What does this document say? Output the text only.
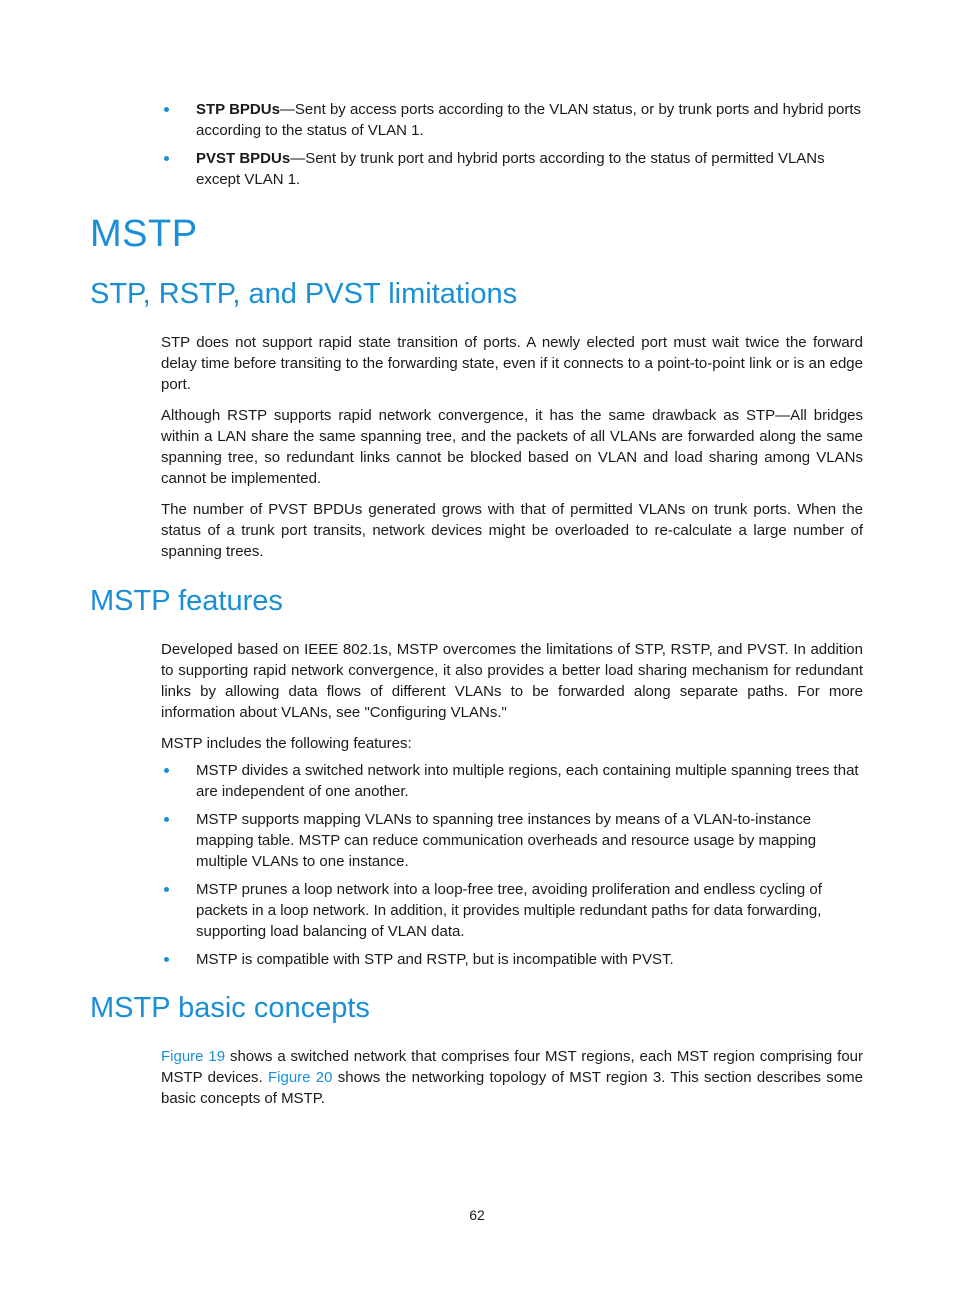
STP BPDUs—Sent by access ports according to the VLAN status, or by trunk ports and hybrid ports according to the status of VLAN 1.
PVST BPDUs—Sent by trunk port and hybrid ports according to the status of permitted VLANs except VLAN 1.
MSTP
STP, RSTP, and PVST limitations

STP does not support rapid state transition of ports. A newly elected port must wait twice the forward delay time before transiting to the forwarding state, even if it connects to a point-to-point link or is an edge port.

Although RSTP supports rapid network convergence, it has the same drawback as STP—All bridges within a LAN share the same spanning tree, and the packets of all VLANs are forwarded along the same spanning tree, so redundant links cannot be blocked based on VLAN and load sharing among VLANs cannot be implemented.

The number of PVST BPDUs generated grows with that of permitted VLANs on trunk ports. When the status of a trunk port transits, network devices might be overloaded to re-calculate a large number of spanning trees.

MSTP features

Developed based on IEEE 802.1s, MSTP overcomes the limitations of STP, RSTP, and PVST. In addition to supporting rapid network convergence, it also provides a better load sharing mechanism for redundant links by allowing data flows of different VLANs to be forwarded along separate paths. For more information about VLANs, see "Configuring VLANs."

MSTP includes the following features:

MSTP divides a switched network into multiple regions, each containing multiple spanning trees that are independent of one another.
MSTP supports mapping VLANs to spanning tree instances by means of a VLAN-to-instance mapping table. MSTP can reduce communication overheads and resource usage by mapping multiple VLANs to one instance.
MSTP prunes a loop network into a loop-free tree, avoiding proliferation and endless cycling of packets in a loop network. In addition, it provides multiple redundant paths for data forwarding, supporting load balancing of VLAN data.
MSTP is compatible with STP and RSTP, but is incompatible with PVST.
MSTP basic concepts

Figure 19 shows a switched network that comprises four MST regions, each MST region comprising four MSTP devices. Figure 20 shows the networking topology of MST region 3. This section describes some basic concepts of MSTP.

62
